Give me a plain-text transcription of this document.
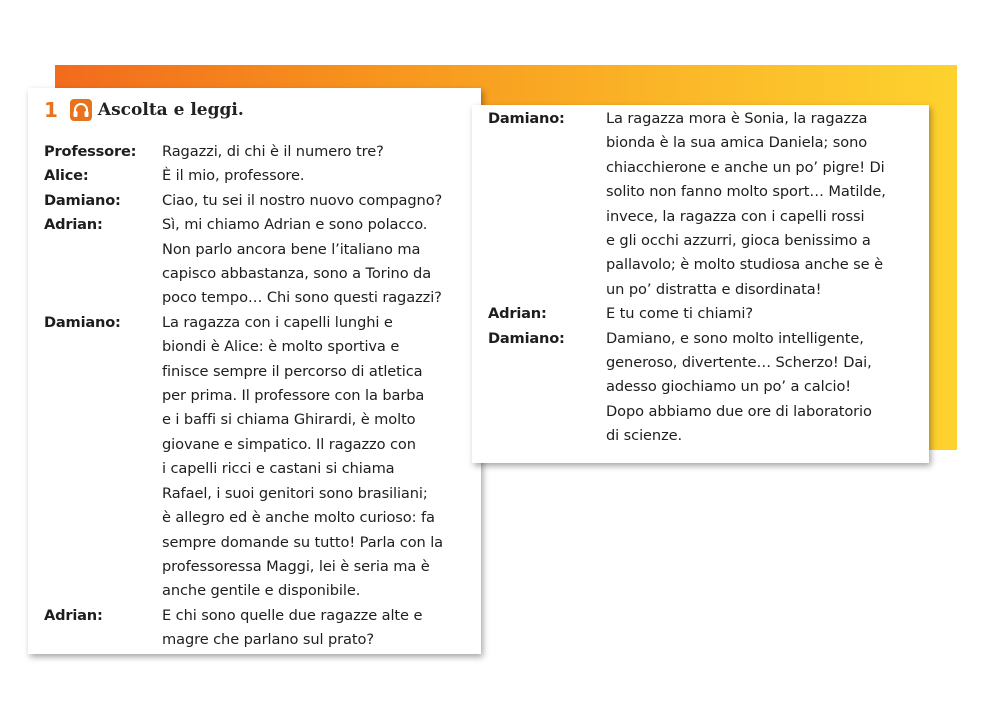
1 Ascolta e leggi.
Professore:	Ragazzi, di chi è il numero tre?
Alice:	È il mio, professore.
Damiano:	Ciao, tu sei il nostro nuovo compagno?
Adrian:	Sì, mi chiamo Adrian e sono polacco.
Non parlo ancora bene l’italiano ma
capisco abbastanza, sono a Torino da
poco tempo… Chi sono questi ragazzi?
Damiano:	La ragazza con i capelli lunghi e
biondi è Alice: è molto sportiva e
finisce sempre il percorso di atletica
per prima. Il professore con la barba
e i baffi si chiama Ghirardi, è molto
giovane e simpatico. Il ragazzo con
i capelli ricci e castani si chiama
Rafael, i suoi genitori sono brasiliani;
è allegro ed è anche molto curioso: fa
sempre domande su tutto! Parla con la
professoressa Maggi, lei è seria ma è
anche gentile e disponibile.
Adrian:	E chi sono quelle due ragazze alte e
magre che parlano sul prato?
Damiano:	La ragazza mora è Sonia, la ragazza
bionda è la sua amica Daniela; sono
chiacchierone e anche un po’ pigre! Di
solito non fanno molto sport… Matilde,
invece, la ragazza con i capelli rossi
e gli occhi azzurri, gioca benissimo a
pallavolo; è molto studiosa anche se è
un po’ distratta e disordinata!
Adrian:	E tu come ti chiami?
Damiano:	Damiano, e sono molto intelligente,
generoso, divertente… Scherzo! Dai,
adesso giochiamo un po’ a calcio!
Dopo abbiamo due ore di laboratorio
di scienze.
